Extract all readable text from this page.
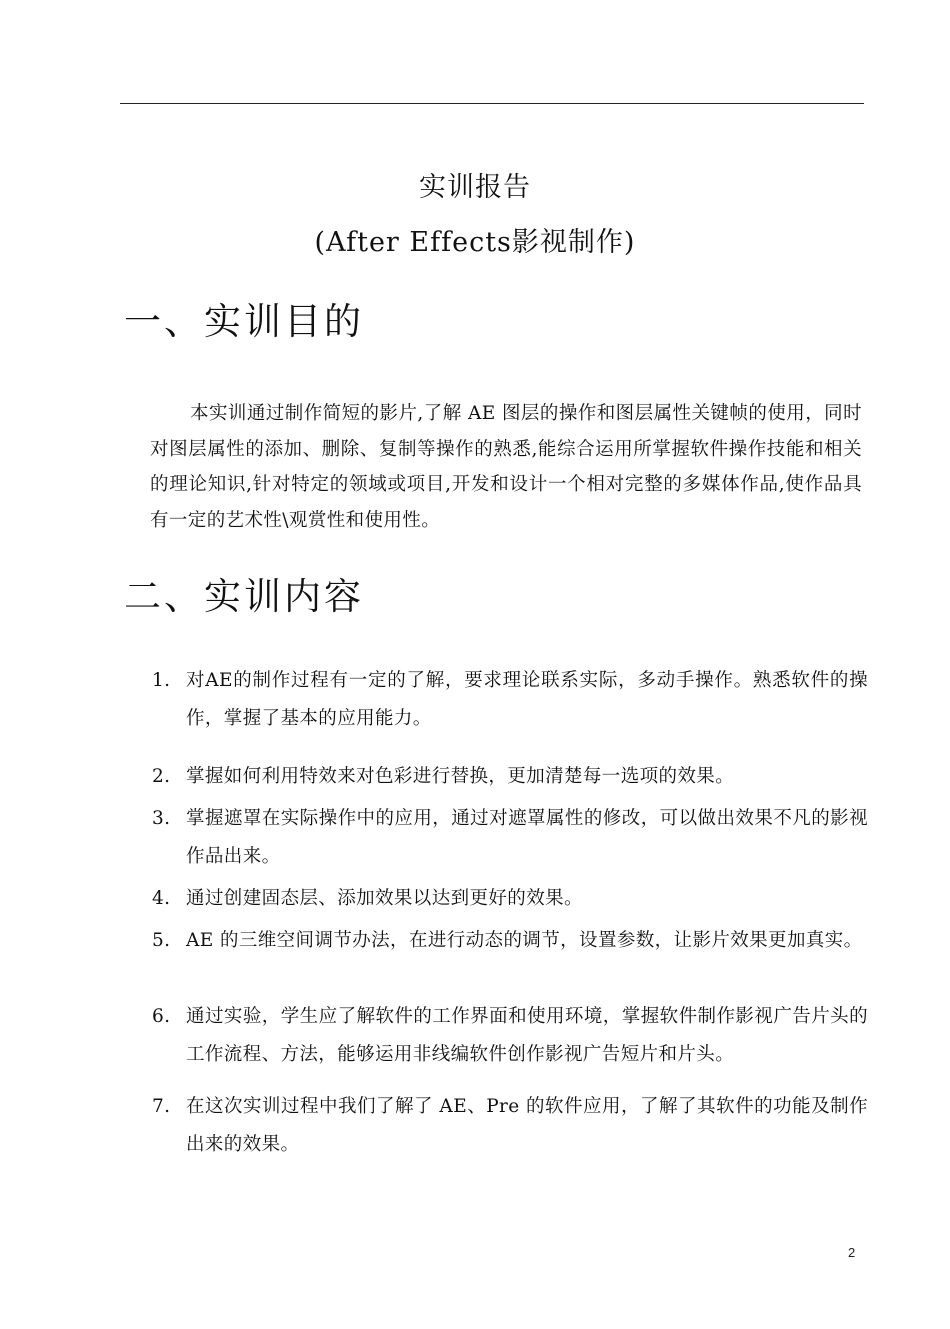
实训报告
(After Effects影视制作)
一、实训目的

本实训通过制作简短的影片,了解 AE 图层的操作和图层属性关键帧的使用，同时对图层属性的添加、删除、复制等操作的熟悉,能综合运用所掌握软件操作技能和相关的理论知识,针对特定的领域或项目,开发和设计一个相对完整的多媒体作品,使作品具有一定的艺术性\观赏性和使用性。

二、实训内容
1. 对AE的制作过程有一定的了解，要求理论联系实际，多动手操作。熟悉软件的操作，掌握了基本的应用能力。
2. 掌握如何利用特效来对色彩进行替换，更加清楚每一选项的效果。
3. 掌握遮罩在实际操作中的应用，通过对遮罩属性的修改，可以做出效果不凡的影视作品出来。
4. 通过创建固态层、添加效果以达到更好的效果。
5. AE 的三维空间调节办法，在进行动态的调节，设置参数，让影片效果更加真实。
6. 通过实验，学生应了解软件的工作界面和使用环境，掌握软件制作影视广告片头的工作流程、方法，能够运用非线编软件创作影视广告短片和片头。
7. 在这次实训过程中我们了解了 AE、Pre 的软件应用，了解了其软件的功能及制作出来的效果。
2
